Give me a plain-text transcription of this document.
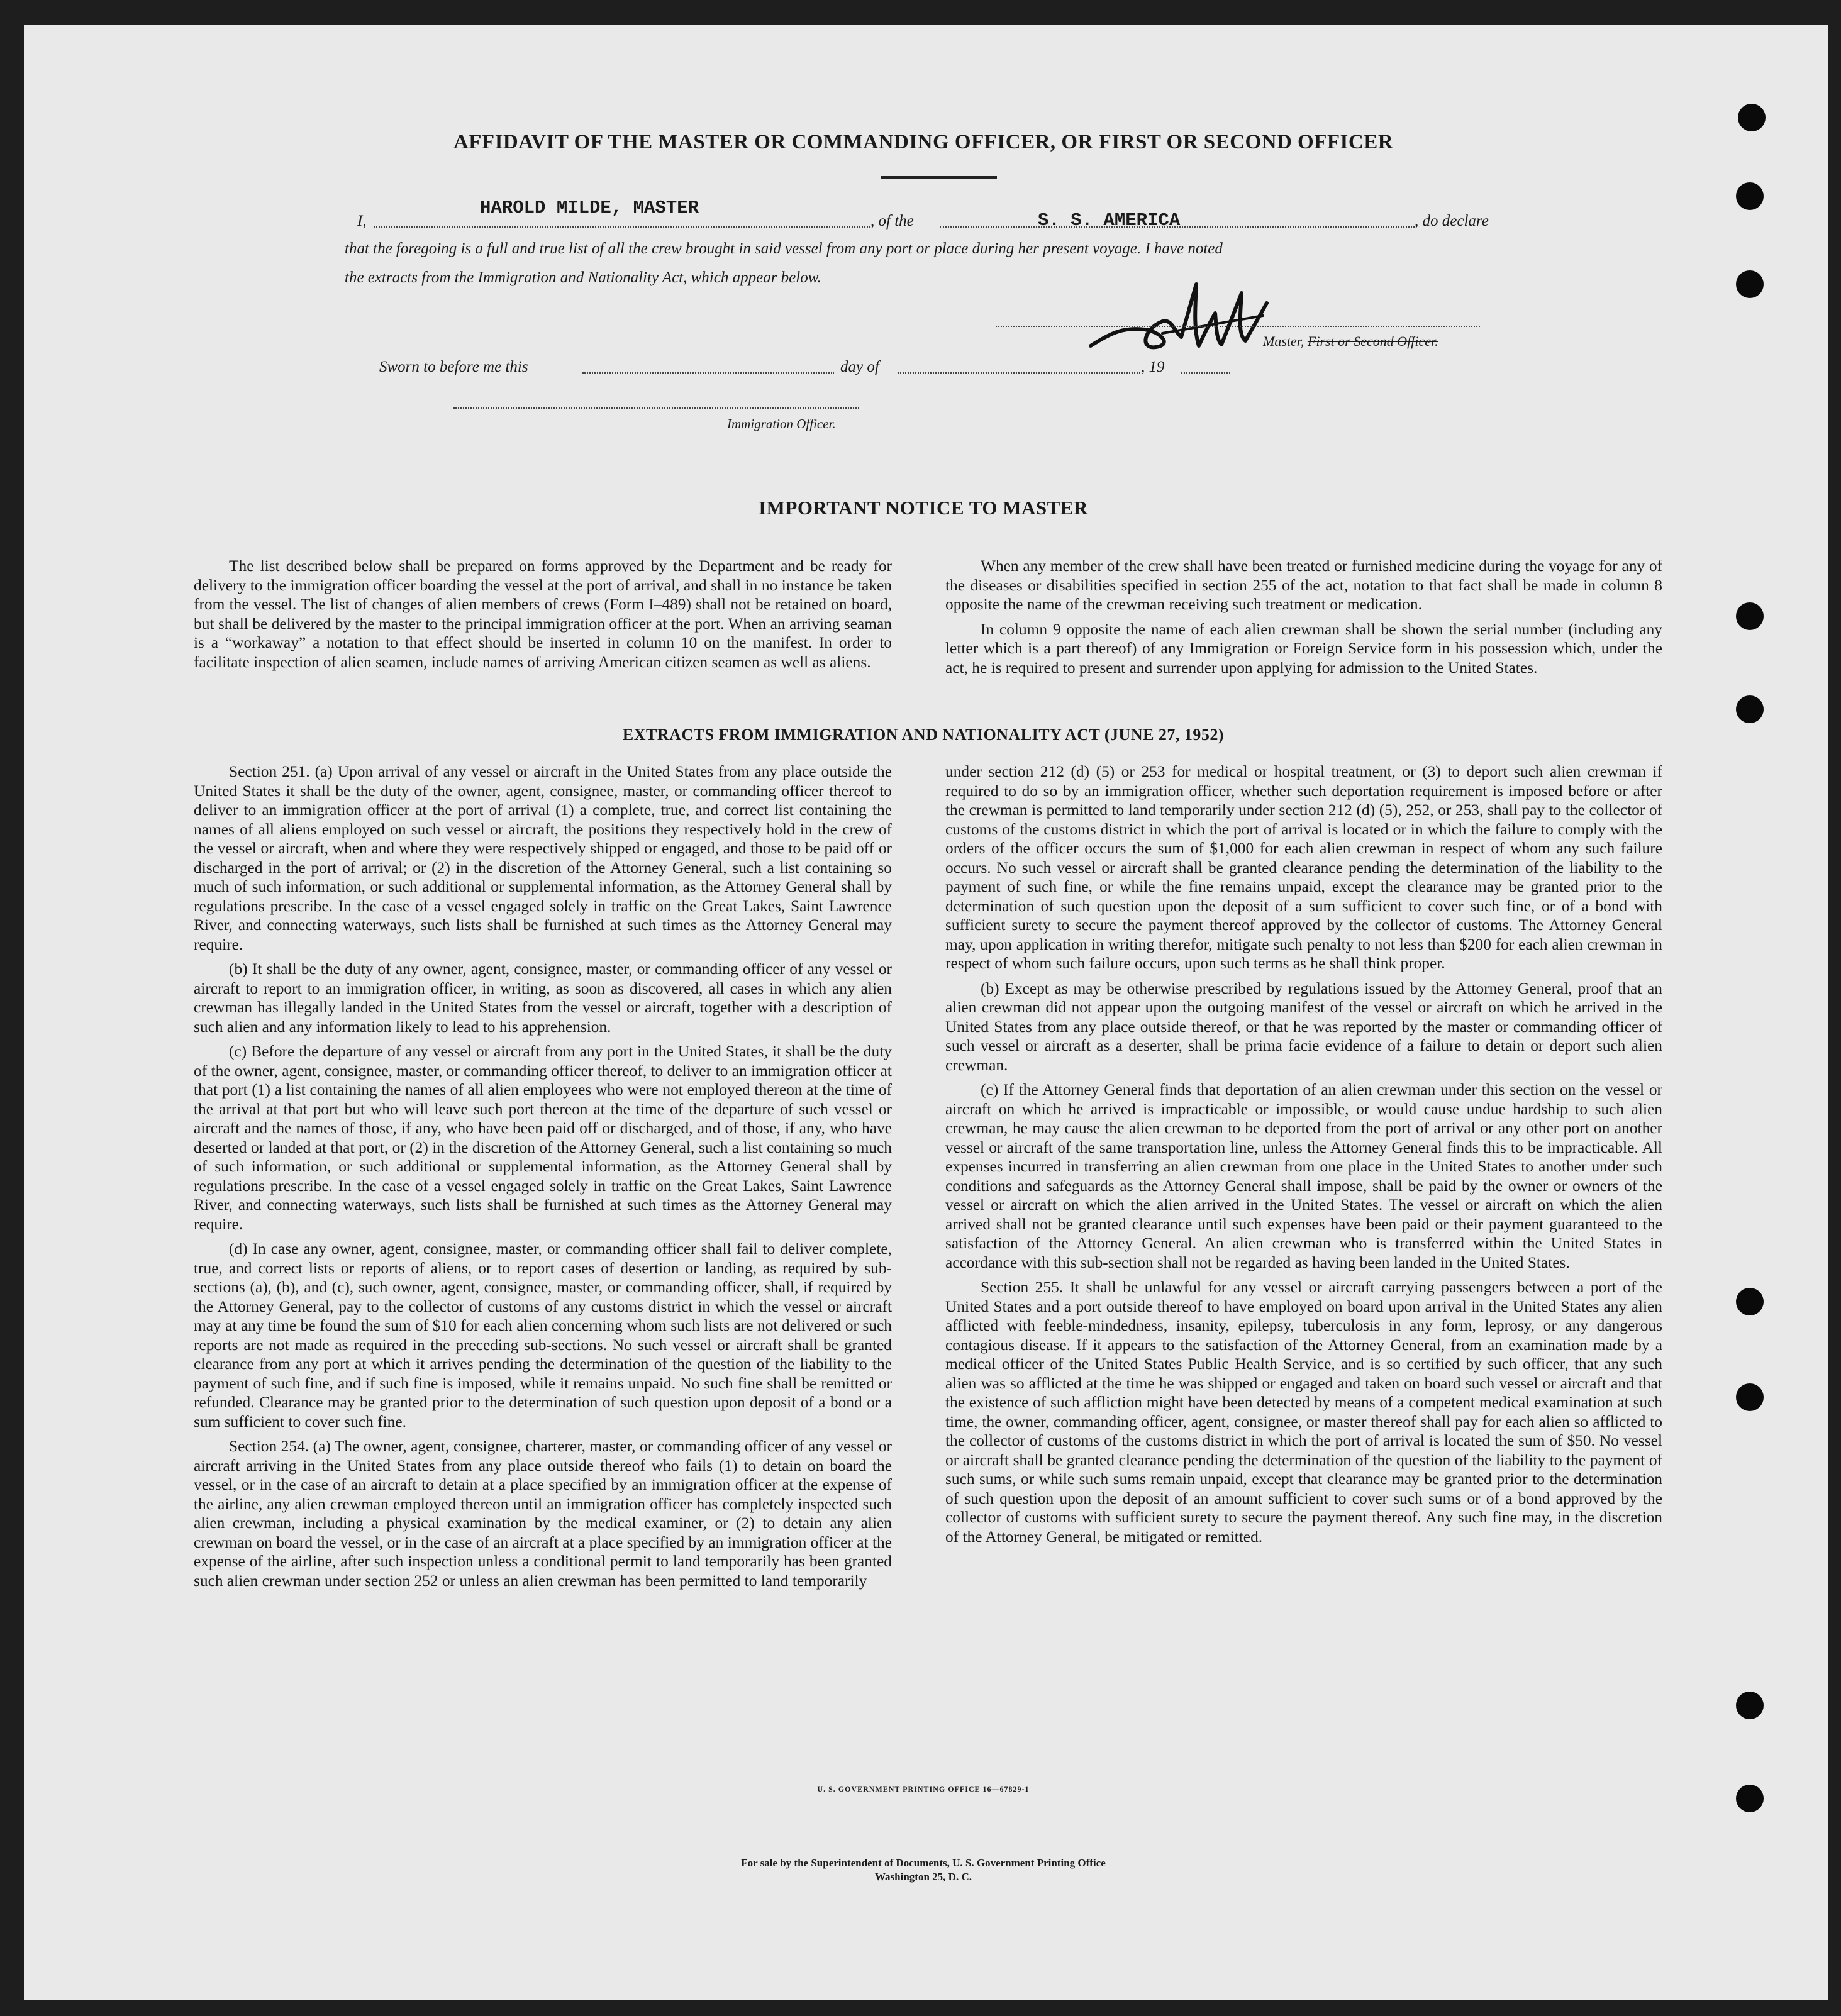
AFFIDAVIT OF THE MASTER OR COMMANDING OFFICER, OR FIRST OR SECOND OFFICER
I,
HAROLD MILDE, MASTER
, of the	S. S. AMERICA	, do declare
that the foregoing is a full and true list of all the crew brought in said vessel from any port or place during her present voyage. I have noted
the extracts from the Immigration and Nationality Act, which appear below.
Master, First or Second Officer.
Sworn to before me this	day of	, 19
Immigration Officer.
IMPORTANT NOTICE TO MASTER

The list described below shall be prepared on forms approved by the Department and be ready for delivery to the immigration officer boarding the vessel at the port of arrival, and shall in no instance be taken from the vessel. The list of changes of alien members of crews (Form I–489) shall not be retained on board, but shall be delivered by the master to the principal immigration officer at the port. When an arriving seaman is a “workaway” a notation to that effect should be inserted in column 10 on the manifest. In order to facilitate inspection of alien seamen, include names of arriving American citizen seamen as well as aliens.

When any member of the crew shall have been treated or furnished medicine during the voyage for any of the diseases or disabilities specified in section 255 of the act, notation to that fact shall be made in column 8 opposite the name of the crewman receiving such treatment or medication.

In column 9 opposite the name of each alien crewman shall be shown the serial number (including any letter which is a part thereof) of any Immigration or Foreign Service form in his possession which, under the act, he is required to present and surrender upon applying for admission to the United States.

EXTRACTS FROM IMMIGRATION AND NATIONALITY ACT (JUNE 27, 1952)

Section 251. (a) Upon arrival of any vessel or aircraft in the United States from any place outside the United States it shall be the duty of the owner, agent, consignee, master, or commanding officer thereof to deliver to an immigration officer at the port of arrival (1) a complete, true, and correct list containing the names of all aliens employed on such vessel or aircraft, the positions they respectively hold in the crew of the vessel or aircraft, when and where they were respectively shipped or engaged, and those to be paid off or discharged in the port of arrival; or (2) in the discretion of the Attorney General, such a list containing so much of such information, or such additional or supplemental information, as the Attorney General shall by regulations prescribe. In the case of a vessel engaged solely in traffic on the Great Lakes, Saint Lawrence River, and connecting waterways, such lists shall be furnished at such times as the Attorney General may require.

(b) It shall be the duty of any owner, agent, consignee, master, or commanding officer of any vessel or aircraft to report to an immigration officer, in writing, as soon as discovered, all cases in which any alien crewman has illegally landed in the United States from the vessel or aircraft, together with a description of such alien and any information likely to lead to his apprehension.

(c) Before the departure of any vessel or aircraft from any port in the United States, it shall be the duty of the owner, agent, consignee, master, or commanding officer thereof, to deliver to an immigration officer at that port (1) a list containing the names of all alien employees who were not employed thereon at the time of the arrival at that port but who will leave such port thereon at the time of the departure of such vessel or aircraft and the names of those, if any, who have been paid off or discharged, and of those, if any, who have deserted or landed at that port, or (2) in the discretion of the Attorney General, such a list containing so much of such information, or such additional or supplemental information, as the Attorney General shall by regulations prescribe. In the case of a vessel engaged solely in traffic on the Great Lakes, Saint Lawrence River, and connecting waterways, such lists shall be furnished at such times as the Attorney General may require.

(d) In case any owner, agent, consignee, master, or commanding officer shall fail to deliver complete, true, and correct lists or reports of aliens, or to report cases of desertion or landing, as required by sub-sections (a), (b), and (c), such owner, agent, consignee, master, or commanding officer, shall, if required by the Attorney General, pay to the collector of customs of any customs district in which the vessel or aircraft may at any time be found the sum of $10 for each alien concerning whom such lists are not delivered or such reports are not made as required in the preceding sub-sections. No such vessel or aircraft shall be granted clearance from any port at which it arrives pending the determination of the question of the liability to the payment of such fine, and if such fine is imposed, while it remains unpaid. No such fine shall be remitted or refunded. Clearance may be granted prior to the determination of such question upon deposit of a bond or a sum sufficient to cover such fine.

Section 254. (a) The owner, agent, consignee, charterer, master, or commanding officer of any vessel or aircraft arriving in the United States from any place outside thereof who fails (1) to detain on board the vessel, or in the case of an aircraft to detain at a place specified by an immigration officer at the expense of the airline, any alien crewman employed thereon until an immigration officer has completely inspected such alien crewman, including a physical examination by the medical examiner, or (2) to detain any alien crewman on board the vessel, or in the case of an aircraft at a place specified by an immigration officer at the expense of the airline, after such inspection unless a conditional permit to land temporarily has been granted such alien crewman under section 252 or unless an alien crewman has been permitted to land temporarily

under section 212 (d) (5) or 253 for medical or hospital treatment, or (3) to deport such alien crewman if required to do so by an immigration officer, whether such deportation requirement is imposed before or after the crewman is permitted to land temporarily under section 212 (d) (5), 252, or 253, shall pay to the collector of customs of the customs district in which the port of arrival is located or in which the failure to comply with the orders of the officer occurs the sum of $1,000 for each alien crewman in respect of whom any such failure occurs. No such vessel or aircraft shall be granted clearance pending the determination of the liability to the payment of such fine, or while the fine remains unpaid, except the clearance may be granted prior to the determination of such question upon the deposit of a sum sufficient to cover such fine, or of a bond with sufficient surety to secure the payment thereof approved by the collector of customs. The Attorney General may, upon application in writing therefor, mitigate such penalty to not less than $200 for each alien crewman in respect of whom such failure occurs, upon such terms as he shall think proper.

(b) Except as may be otherwise prescribed by regulations issued by the Attorney General, proof that an alien crewman did not appear upon the outgoing manifest of the vessel or aircraft on which he arrived in the United States from any place outside thereof, or that he was reported by the master or commanding officer of such vessel or aircraft as a deserter, shall be prima facie evidence of a failure to detain or deport such alien crewman.

(c) If the Attorney General finds that deportation of an alien crewman under this section on the vessel or aircraft on which he arrived is impracticable or impossible, or would cause undue hardship to such alien crewman, he may cause the alien crewman to be deported from the port of arrival or any other port on another vessel or aircraft of the same transportation line, unless the Attorney General finds this to be impracticable. All expenses incurred in transferring an alien crewman from one place in the United States to another under such conditions and safeguards as the Attorney General shall impose, shall be paid by the owner or owners of the vessel or aircraft on which the alien arrived in the United States. The vessel or aircraft on which the alien arrived shall not be granted clearance until such expenses have been paid or their payment guaranteed to the satisfaction of the Attorney General. An alien crewman who is transferred within the United States in accordance with this sub-section shall not be regarded as having been landed in the United States.

Section 255. It shall be unlawful for any vessel or aircraft carrying passengers between a port of the United States and a port outside thereof to have employed on board upon arrival in the United States any alien afflicted with feeble-mindedness, insanity, epilepsy, tuberculosis in any form, leprosy, or any dangerous contagious disease. If it appears to the satisfaction of the Attorney General, from an examination made by a medical officer of the United States Public Health Service, and is so certified by such officer, that any such alien was so afflicted at the time he was shipped or engaged and taken on board such vessel or aircraft and that the existence of such affliction might have been detected by means of a competent medical examination at such time, the owner, commanding officer, agent, consignee, or master thereof shall pay for each alien so afflicted to the collector of customs of the customs district in which the port of arrival is located the sum of $50. No vessel or aircraft shall be granted clearance pending the determination of the question of the liability to the payment of such sums, or while such sums remain unpaid, except that clearance may be granted prior to the determination of such question upon the deposit of an amount sufficient to cover such sums or of a bond approved by the collector of customs with sufficient surety to secure the payment thereof. Any such fine may, in the discretion of the Attorney General, be mitigated or remitted.

U. S. GOVERNMENT PRINTING OFFICE 16—67829-1
For sale by the Superintendent of Documents, U. S. Government Printing Office
Washington 25, D. C.
